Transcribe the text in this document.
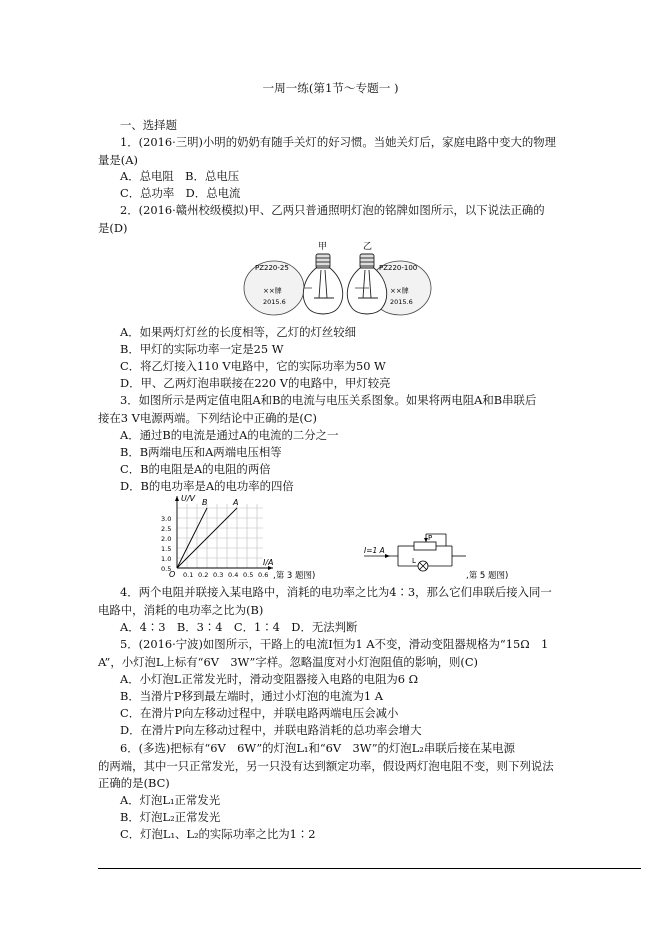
一周一练(第1节～专题一 )
一、选择题
1．(2016·三明)小明的奶奶有随手关灯的好习惯。当她关灯后，家庭电路中变大的物理
量是(A)
A．总电阻　B．总电压
C．总功率　D．总电流
2．(2016·赣州校级模拟)甲、乙两只普通照明灯泡的铭牌如图所示，以下说法正确的
是(D)
甲	乙
PZ220-25
××牌
2015.6
PZ220-100
××牌
2015.6
A．如果两灯灯丝的长度相等，乙灯的灯丝较细
B．甲灯的实际功率一定是25 W
C．将乙灯接入110 V电路中，它的实际功率为50 W
D．甲、乙两灯泡串联接在220 V的电路中，甲灯较亮
3．如图所示是两定值电阻A和B的电流与电压关系图象。如果将两电阻A和B串联后
接在3 V电源两端。下列结论中正确的是(C)
A．通过B的电流是通过A的电流的二分之一
B．B两端电压和A两端电压相等
C．B的电阻是A的电阻的两倍
D．B的电功率是A的电功率的四倍
U/V
I/A
O
B	A
0.5
1.0
1.5
2.0
2.5
3.0
0.1 0.2 0.3 0.4 0.5 0.6 ,第 3 题图)
I=1 A
P
L
,第 5 题图)
4．两个电阻并联接入某电路中，消耗的电功率之比为4∶3，那么它们串联后接入同一
电路中，消耗的电功率之比为(B)
A．4∶3　B．3∶4　C．1∶4　D．无法判断
5．(2016·宁波)如图所示，干路上的电流I恒为1 A不变，滑动变阻器规格为“15Ω　1
A”，小灯泡L上标有“6V　3W”字样。忽略温度对小灯泡阻值的影响，则(C)
A．小灯泡L正常发光时，滑动变阻器接入电路的电阻为6 Ω
B．当滑片P移到最左端时，通过小灯泡的电流为1 A
C．在滑片P向左移动过程中，并联电路两端电压会减小
D．在滑片P向左移动过程中，并联电路消耗的总功率会增大
6．(多选)把标有“6V　6W”的灯泡L₁和“6V　3W”的灯泡L₂串联后接在某电源
的两端，其中一只正常发光，另一只没有达到额定功率，假设两灯泡电阻不变，则下列说法
正确的是(BC)
A．灯泡L₁正常发光
B．灯泡L₂正常发光
C．灯泡L₁、L₂的实际功率之比为1∶2
